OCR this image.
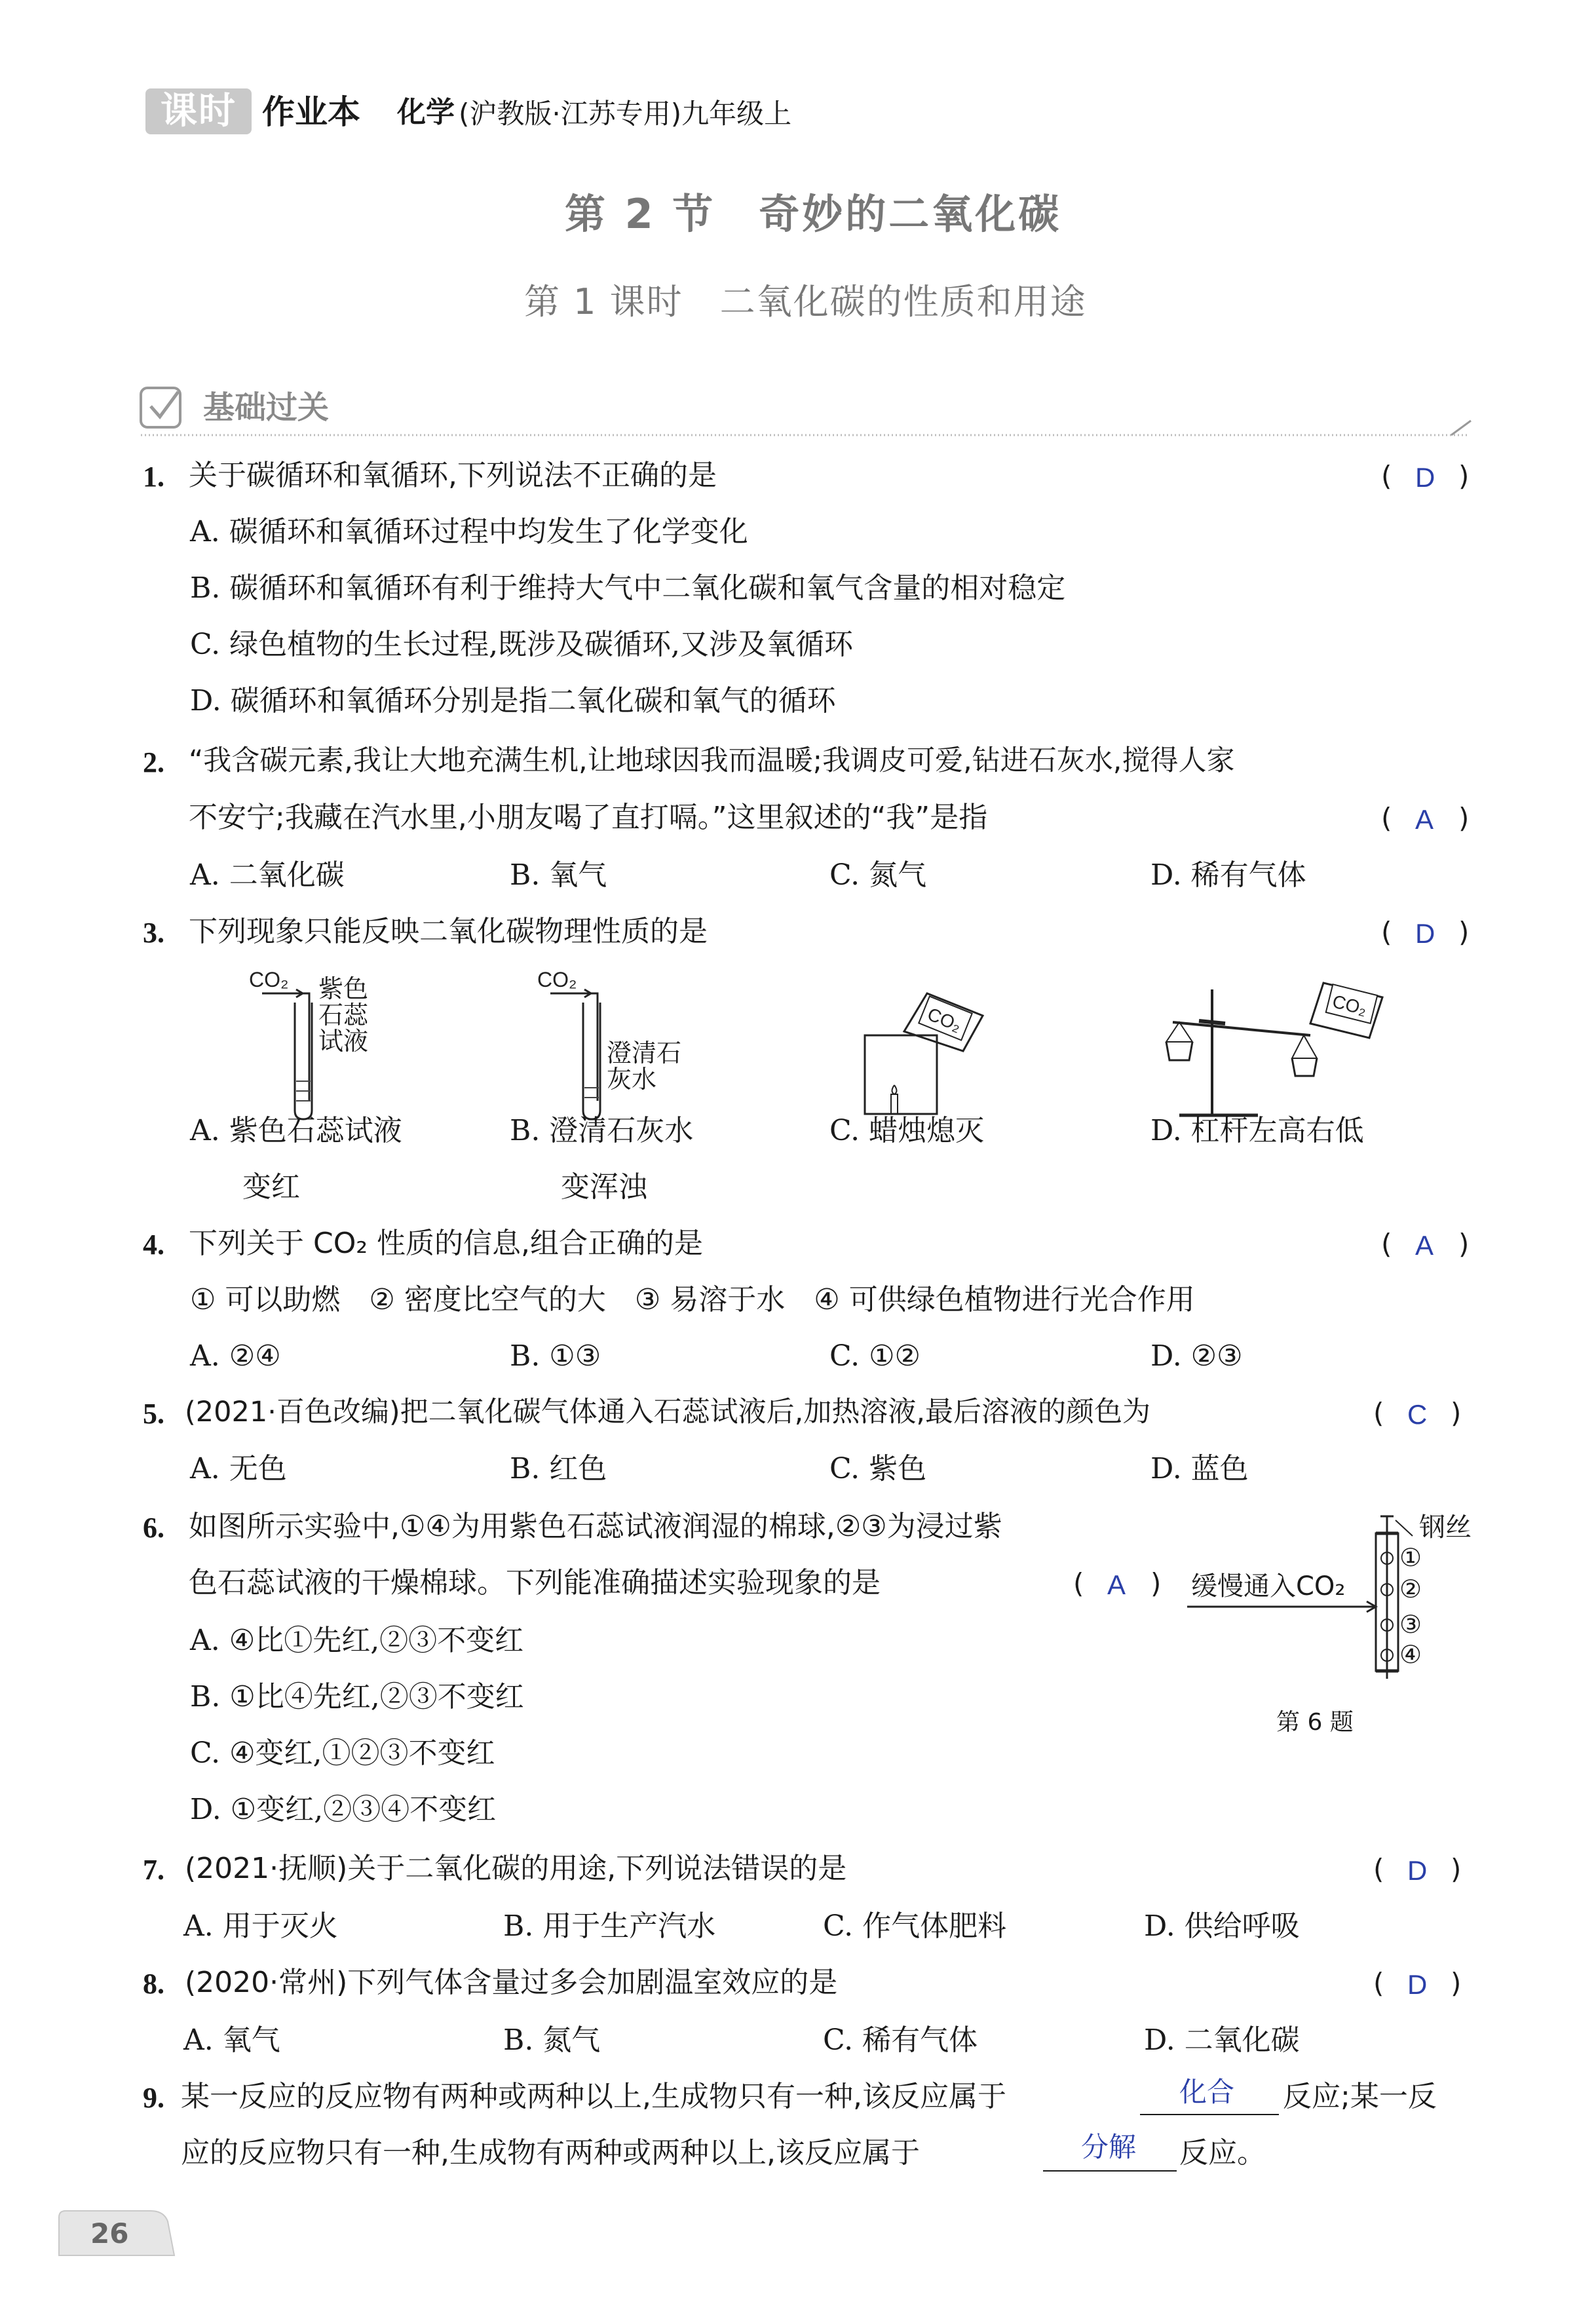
课时 作业本 化学 (沪教版·江苏专用)九年级上
第 2 节　奇妙的二氧化碳
第 1 课时　二氧化碳的性质和用途
基础过关
1. 关于碳循环和氧循环,下列说法不正确的是	( D )
A. 碳循环和氧循环过程中均发生了化学变化
B. 碳循环和氧循环有利于维持大气中二氧化碳和氧气含量的相对稳定
C. 绿色植物的生长过程,既涉及碳循环,又涉及氧循环
D. 碳循环和氧循环分别是指二氧化碳和氧气的循环
2. “我含碳元素,我让大地充满生机,让地球因我而温暖;我调皮可爱,钻进石灰水,搅得人家
不安宁;我藏在汽水里,小朋友喝了直打嗝。”这里叙述的“我”是指	( A )
A. 二氧化碳	B. 氧气	C. 氮气	D. 稀有气体
3. 下列现象只能反映二氧化碳物理性质的是	( D )
CO₂	CO₂
CO₂	CO₂
紫色
石蕊
试液	澄清石
灰水
A. 紫色石蕊试液
变红
B. 澄清石灰水
变浑浊
C. 蜡烛熄灭	D. 杠杆左高右低
4. 下列关于 CO₂ 性质的信息,组合正确的是	( A )
① 可以助燃　② 密度比空气的大　③ 易溶于水　④ 可供绿色植物进行光合作用
A. ②④	B. ①③	C. ①②	D. ②③
5. (2021·百色改编)把二氧化碳气体通入石蕊试液后,加热溶液,最后溶液的颜色为	( C )
A. 无色	B. 红色	C. 紫色	D. 蓝色
6. 如图所示实验中,①④为用紫色石蕊试液润湿的棉球,②③为浸过紫
色石蕊试液的干燥棉球。下列能准确描述实验现象的是	( A )
A. ④比①先红,②③不变红
B. ①比④先红,②③不变红
C. ④变红,①②③不变红
D. ①变红,②③④不变红
钢丝
缓慢通入CO₂
①
②
③
④
第 6 题
7. (2021·抚顺)关于二氧化碳的用途,下列说法错误的是	( D )
A. 用于灭火	B. 用于生产汽水	C. 作气体肥料	D. 供给呼吸
8. (2020·常州)下列气体含量过多会加剧温室效应的是	( D )
A. 氧气	B. 氮气	C. 稀有气体	D. 二氧化碳
9. 某一反应的反应物有两种或两种以上,生成物只有一种,该反应属于	化合 反应;某一反
应的反应物只有一种,生成物有两种或两种以上,该反应属于	分解 反应。
26
